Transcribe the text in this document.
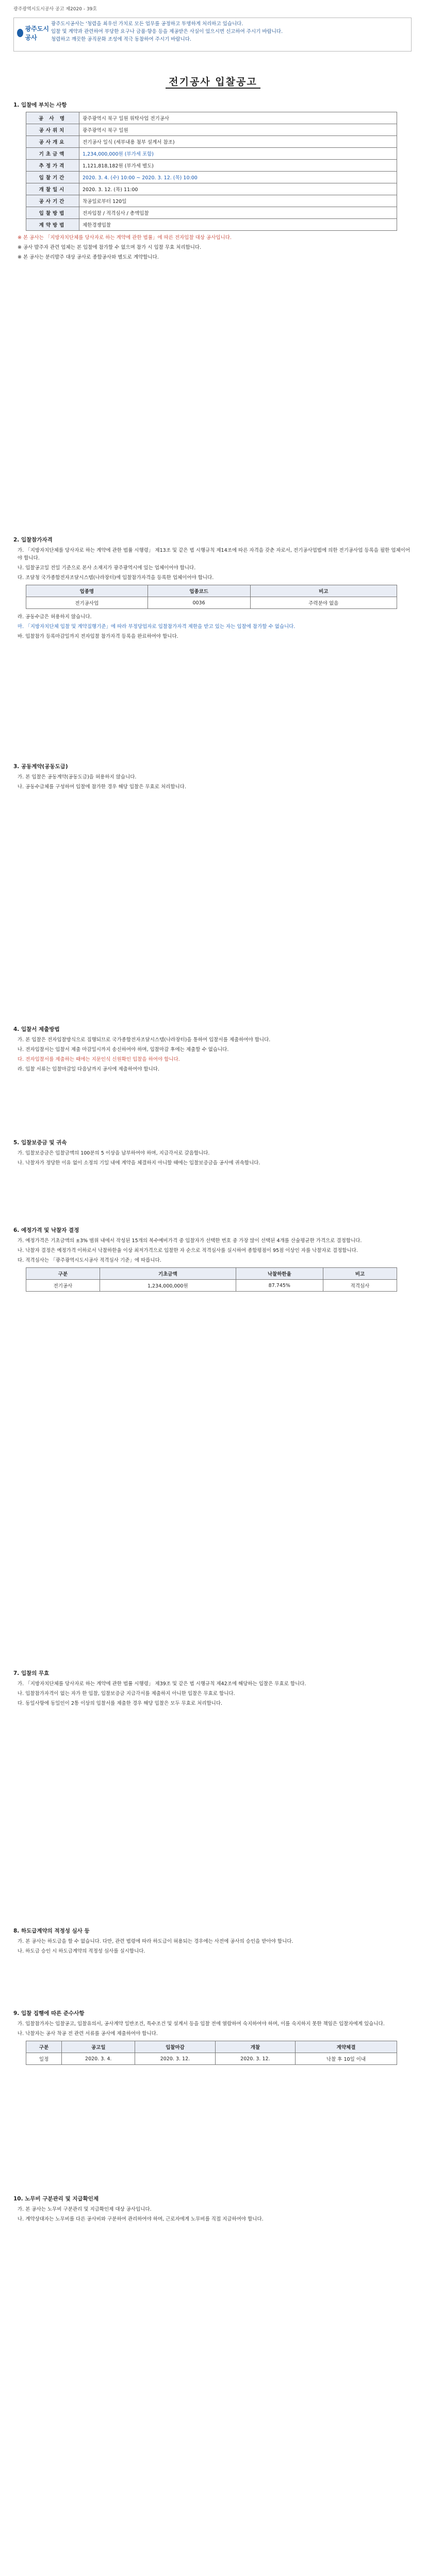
광주광역시도시공사 공고 제2020 - 39호
광주도시공사
광주도시공사는 '청렴을 최우선 가치로 모든 업무를 공정하고 투명하게 처리하고 있습니다.
입찰 및 계약과 관련하여 부당한 요구나 금품·향응 등을 제공받은 사실이 있으시면 신고하여 주시기 바랍니다.
청렴하고 깨끗한 공직문화 조성에 적극 동참하여 주시기 바랍니다.
전기공사 입찰공고
1. 입찰에 부치는 사항
공 사 명	광주광역시 북구 일원 위탁사업 전기공사
공사위치	광주광역시 북구 일원
공사개요	전기공사 일식 (세부내용 첨부 설계서 참조)
기초금액	1,234,000,000원 (부가세 포함)
추정가격	1,121,818,182원 (부가세 별도)
입찰기간	2020. 3. 4. (수) 10:00 ~ 2020. 3. 12. (목) 10:00
개찰일시	2020. 3. 12. (목) 11:00
공사기간	착공일로부터 120일
입찰방법	전자입찰 / 적격심사 / 총액입찰
계약방법	제한경쟁입찰
※ 본 공사는 「지방자치단체를 당사자로 하는 계약에 관한 법률」에 따른 전자입찰 대상 공사입니다.
※ 공사 발주자 관련 업체는 본 입찰에 참가할 수 없으며 참가 시 입찰 무효 처리합니다.
※ 본 공사는 분리발주 대상 공사로 종합공사와 별도로 계약합니다.
2. 입찰참가자격
가. 「지방자치단체를 당사자로 하는 계약에 관한 법률 시행령」 제13조 및 같은 법 시행규칙 제14조에 따른 자격을 갖춘 자로서, 전기공사업법에 의한 전기공사업 등록을 필한 업체이어야 합니다.
나. 입찰공고일 전일 기준으로 본사 소재지가 광주광역시에 있는 업체이어야 합니다.
다. 조달청 국가종합전자조달시스템(나라장터)에 입찰참가자격을 등록한 업체이어야 합니다.
업종명	업종코드	비고
전기공사업	0036	주력분야 없음
라. 공동수급은 허용하지 않습니다.
마. 「지방자치단체 입찰 및 계약집행기준」에 따라 부정당업자로 입찰참가자격 제한을 받고 있는 자는 입찰에 참가할 수 없습니다.
바. 입찰참가 등록마감일까지 전자입찰 참가자격 등록을 완료하여야 합니다.
3. 공동계약(공동도급)
가. 본 입찰은 공동계약(공동도급)을 허용하지 않습니다.
나. 공동수급체를 구성하여 입찰에 참가한 경우 해당 입찰은 무효로 처리합니다.
4. 입찰서 제출방법
가. 본 입찰은 전자입찰방식으로 집행되므로 국가종합전자조달시스템(나라장터)을 통하여 입찰서를 제출하여야 합니다.
나. 전자입찰서는 입찰서 제출 마감일시까지 송신하여야 하며, 입찰마감 후에는 제출할 수 없습니다.
다. 전자입찰서를 제출하는 때에는 지문인식 신원확인 입찰을 하여야 합니다.
라. 입찰 서류는 입찰마감일 다음날까지 공사에 제출하여야 합니다.
5. 입찰보증금 및 귀속
가. 입찰보증금은 입찰금액의 100분의 5 이상을 납부하여야 하며, 지급각서로 갈음합니다.
나. 낙찰자가 정당한 이유 없이 소정의 기일 내에 계약을 체결하지 아니할 때에는 입찰보증금을 공사에 귀속합니다.
6. 예정가격 및 낙찰자 결정
가. 예정가격은 기초금액의 ±3% 범위 내에서 작성된 15개의 복수예비가격 중 입찰자가 선택한 번호 중 가장 많이 선택된 4개를 산술평균한 가격으로 결정합니다.
나. 낙찰자 결정은 예정가격 이하로서 낙찰하한율 이상 최저가격으로 입찰한 자 순으로 적격심사를 실시하여 종합평점이 95점 이상인 자를 낙찰자로 결정합니다.
다. 적격심사는 「광주광역시도시공사 적격심사 기준」에 따릅니다.
구분	기초금액	낙찰하한율	비고
전기공사	1,234,000,000원	87.745%	적격심사
7. 입찰의 무효
가. 「지방자치단체를 당사자로 하는 계약에 관한 법률 시행령」 제39조 및 같은 법 시행규칙 제42조에 해당하는 입찰은 무효로 합니다.
나. 입찰참가자격이 없는 자가 한 입찰, 입찰보증금 지급각서를 제출하지 아니한 입찰은 무효로 합니다.
다. 동일사항에 동일인이 2통 이상의 입찰서를 제출한 경우 해당 입찰은 모두 무효로 처리합니다.
8. 하도급계약의 적정성 심사 등
가. 본 공사는 하도급을 할 수 없습니다. 다만, 관련 법령에 따라 하도급이 허용되는 경우에는 사전에 공사의 승인을 받아야 합니다.
나. 하도급 승인 시 하도급계약의 적정성 심사를 실시합니다.
9. 입찰 집행에 따른 준수사항
가. 입찰참가자는 입찰공고, 입찰유의서, 공사계약 일반조건, 특수조건 및 설계서 등을 입찰 전에 열람하여 숙지하여야 하며, 이를 숙지하지 못한 책임은 입찰자에게 있습니다.
나. 낙찰자는 공사 착공 전 관련 서류를 공사에 제출하여야 합니다.
구분	공고일	입찰마감	개찰	계약체결
일정	2020. 3. 4.	2020. 3. 12.	2020. 3. 12.	낙찰 후 10일 이내
10. 노무비 구분관리 및 지급확인제
가. 본 공사는 노무비 구분관리 및 지급확인제 대상 공사입니다.
나. 계약상대자는 노무비를 다른 공사비와 구분하여 관리하여야 하며, 근로자에게 노무비를 직접 지급하여야 합니다.
